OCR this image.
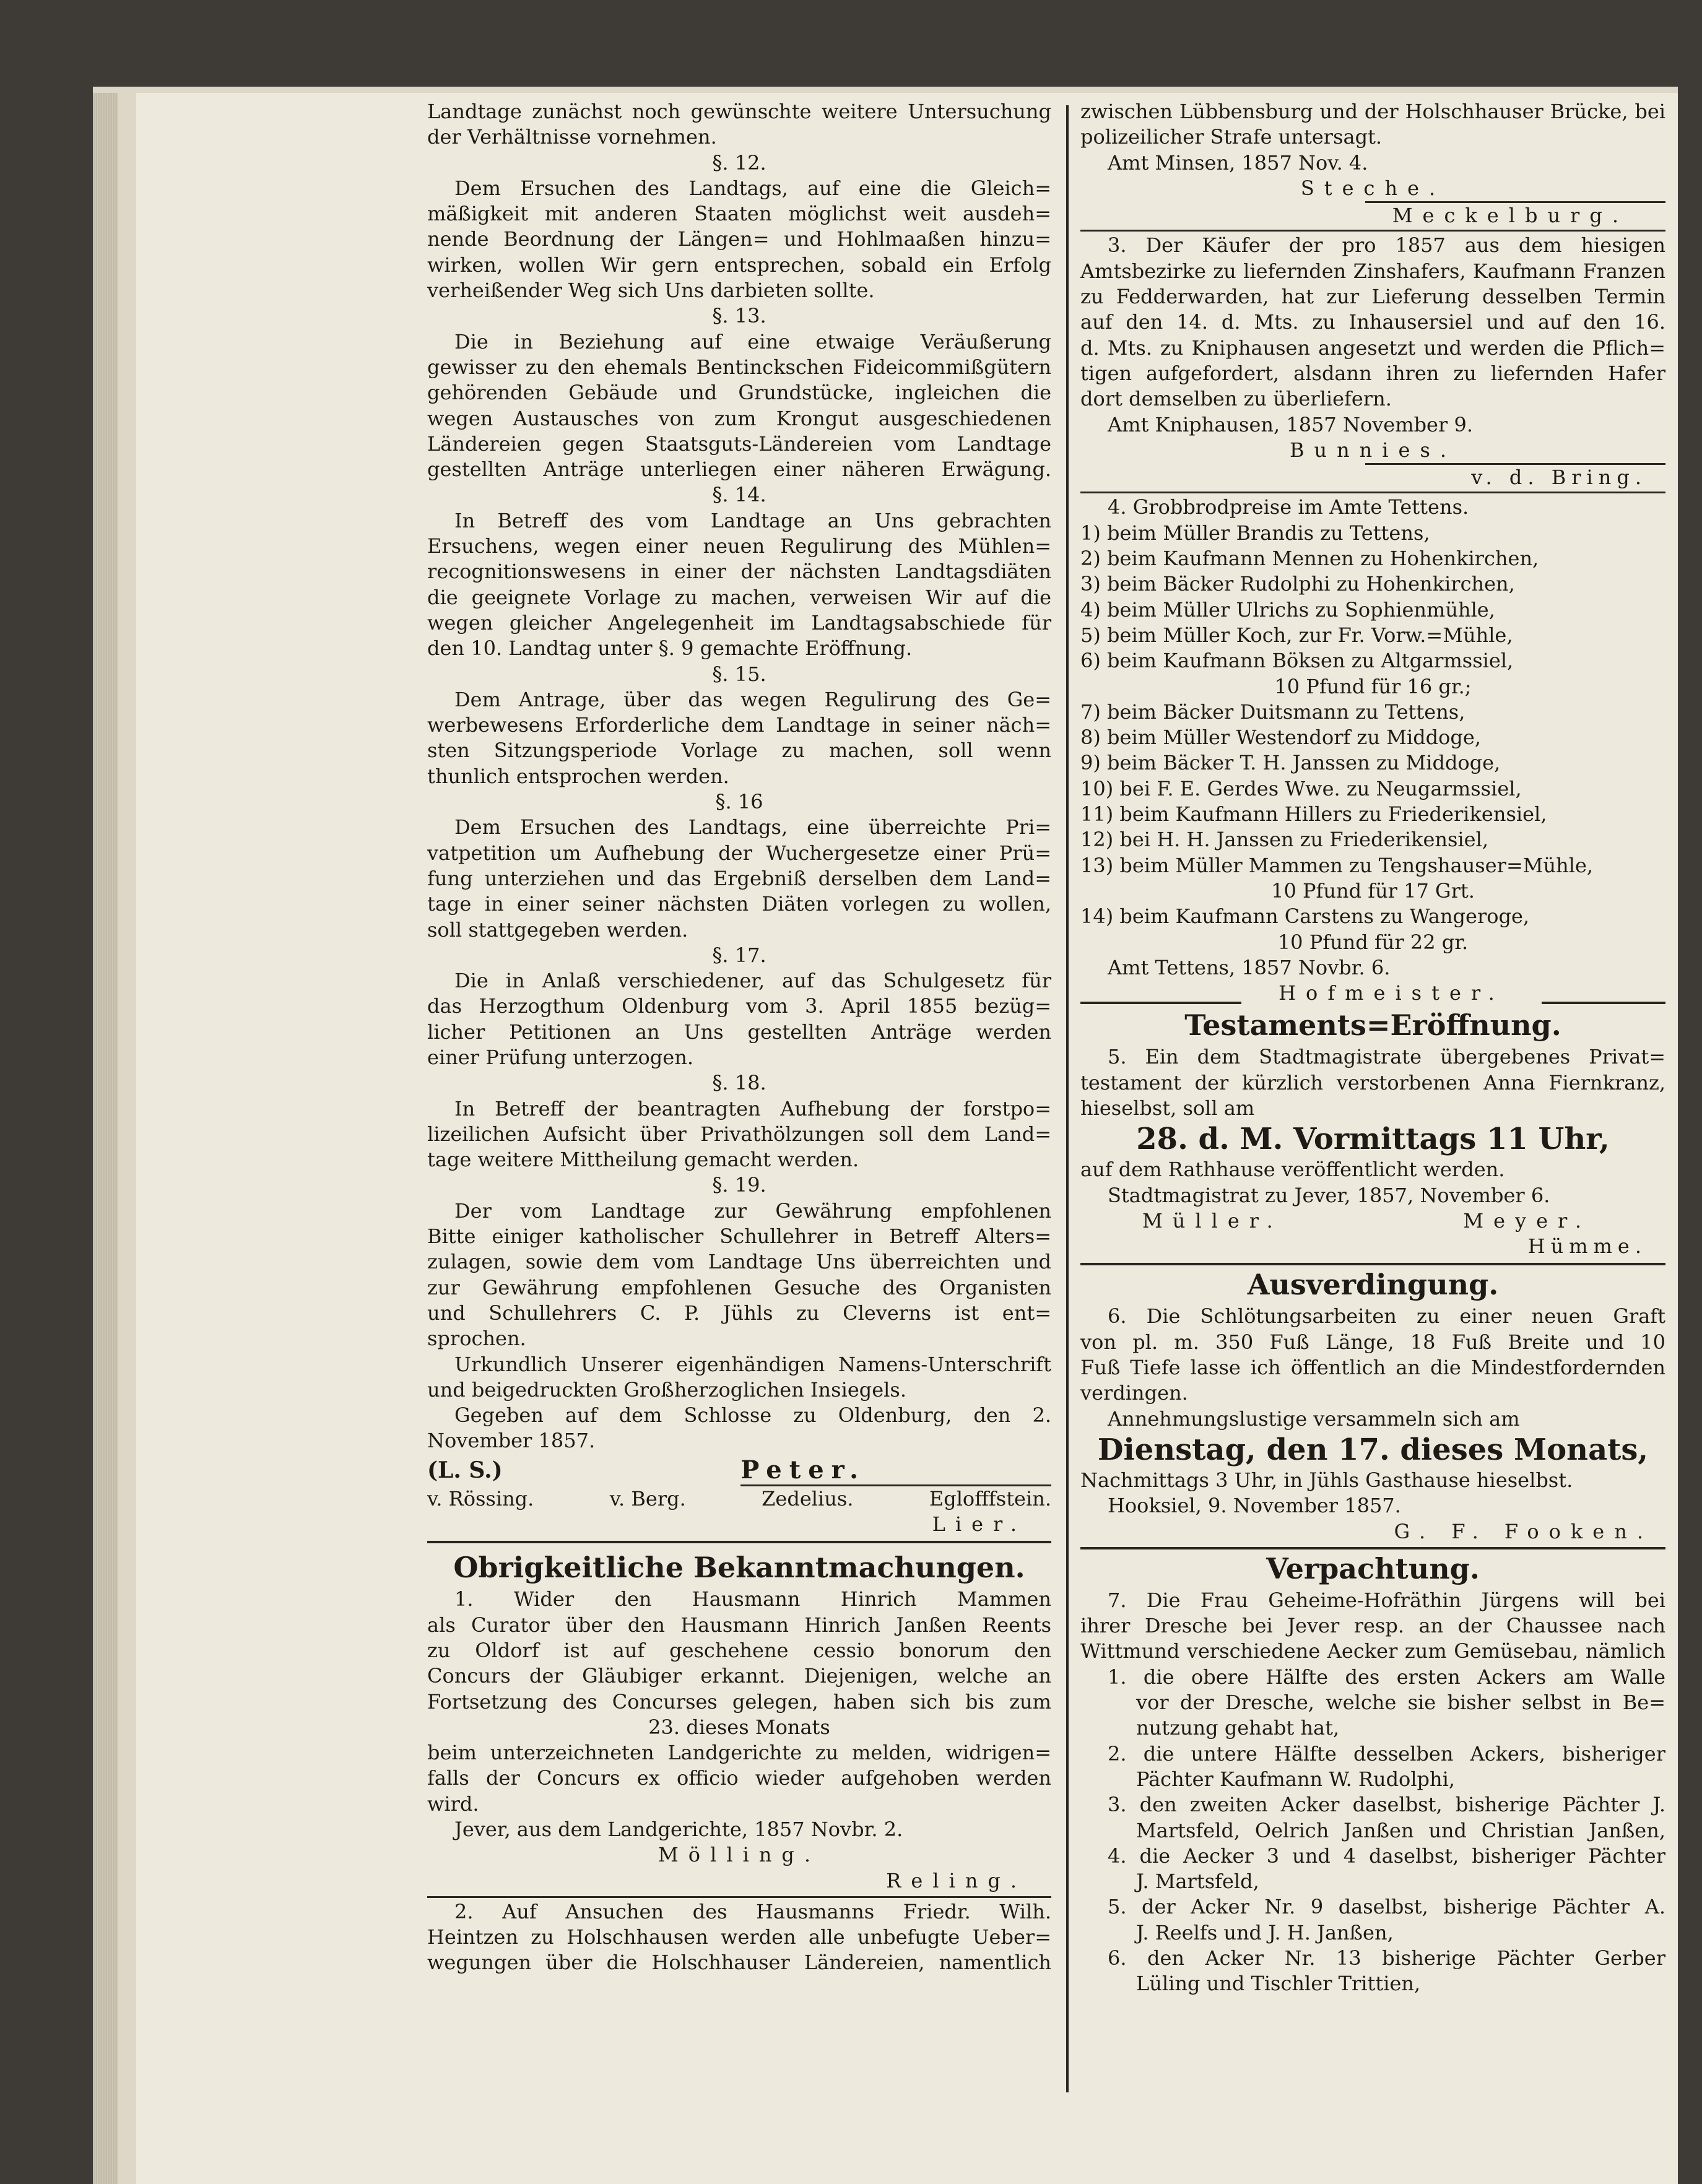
Landtage zunächst noch gewünschte weitere Untersuchung
der Verhältnisse vornehmen.
§. 12.
Dem Ersuchen des Landtags, auf eine die Gleich=
mäßigkeit mit anderen Staaten möglichst weit ausdeh=
nende Beordnung der Längen= und Hohlmaaßen hinzu=
wirken, wollen Wir gern entsprechen, sobald ein Erfolg
verheißender Weg sich Uns darbieten sollte.
§. 13.
Die in Beziehung auf eine etwaige Veräußerung
gewisser zu den ehemals Bentinckschen Fideicommißgütern
gehörenden Gebäude und Grundstücke, ingleichen die
wegen Austausches von zum Krongut ausgeschiedenen
Ländereien gegen Staatsguts-Ländereien vom Landtage
gestellten Anträge unterliegen einer näheren Erwägung.
§. 14.
In Betreff des vom Landtage an Uns gebrachten
Ersuchens, wegen einer neuen Regulirung des Mühlen=
recognitionswesens in einer der nächsten Landtagsdiäten
die geeignete Vorlage zu machen, verweisen Wir auf die
wegen gleicher Angelegenheit im Landtagsabschiede für
den 10. Landtag unter §. 9 gemachte Eröffnung.
§. 15.
Dem Antrage, über das wegen Regulirung des Ge=
werbewesens Erforderliche dem Landtage in seiner näch=
sten Sitzungsperiode Vorlage zu machen, soll wenn
thunlich entsprochen werden.
§. 16
Dem Ersuchen des Landtags, eine überreichte Pri=
vatpetition um Aufhebung der Wuchergesetze einer Prü=
fung unterziehen und das Ergebniß derselben dem Land=
tage in einer seiner nächsten Diäten vorlegen zu wollen,
soll stattgegeben werden.
§. 17.
Die in Anlaß verschiedener, auf das Schulgesetz für
das Herzogthum Oldenburg vom 3. April 1855 bezüg=
licher Petitionen an Uns gestellten Anträge werden
einer Prüfung unterzogen.
§. 18.
In Betreff der beantragten Aufhebung der forstpo=
lizeilichen Aufsicht über Privathölzungen soll dem Land=
tage weitere Mittheilung gemacht werden.
§. 19.
Der vom Landtage zur Gewährung empfohlenen
Bitte einiger katholischer Schullehrer in Betreff Alters=
zulagen, sowie dem vom Landtage Uns überreichten und
zur Gewährung empfohlenen Gesuche des Organisten
und Schullehrers C. P. Jühls zu Cleverns ist ent=
sprochen.
Urkundlich Unserer eigenhändigen Namens-Unterschrift
und beigedruckten Großherzoglichen Insiegels.
Gegeben auf dem Schlosse zu Oldenburg, den 2.
November 1857.
(L. S.)	Peter.
v. Rössing.	v. Berg.	Zedelius.	Eglofffstein.
Lier.
Obrigkeitliche Bekanntmachungen.
1. Wider den Hausmann Hinrich Mammen
als Curator über den Hausmann Hinrich Janßen Reents
zu Oldorf ist auf geschehene cessio bonorum den
Concurs der Gläubiger erkannt. Diejenigen, welche an
Fortsetzung des Concurses gelegen, haben sich bis zum
23. dieses Monats
beim unterzeichneten Landgerichte zu melden, widrigen=
falls der Concurs ex officio wieder aufgehoben werden
wird.
Jever, aus dem Landgerichte, 1857 Novbr. 2.
Mölling.
Reling.
2. Auf Ansuchen des Hausmanns Friedr. Wilh.
Heintzen zu Holschhausen werden alle unbefugte Ueber=
wegungen über die Holschhauser Ländereien, namentlich
zwischen Lübbensburg und der Holschhauser Brücke, bei
polizeilicher Strafe untersagt.
Amt Minsen, 1857 Nov. 4.
Steche.
Meckelburg.
3. Der Käufer der pro 1857 aus dem hiesigen
Amtsbezirke zu liefernden Zinshafers, Kaufmann Franzen
zu Fedderwarden, hat zur Lieferung desselben Termin
auf den 14. d. Mts. zu Inhausersiel und auf den 16.
d. Mts. zu Kniphausen angesetzt und werden die Pflich=
tigen aufgefordert, alsdann ihren zu liefernden Hafer
dort demselben zu überliefern.
Amt Kniphausen, 1857 November 9.
Bunnies.
v. d. Bring.
4. Grobbrodpreise im Amte Tettens.
1) beim Müller Brandis zu Tettens,
2) beim Kaufmann Mennen zu Hohenkirchen,
3) beim Bäcker Rudolphi zu Hohenkirchen,
4) beim Müller Ulrichs zu Sophienmühle,
5) beim Müller Koch, zur Fr. Vorw.=Mühle,
6) beim Kaufmann Böksen zu Altgarmssiel,
10 Pfund für 16 gr.;
7) beim Bäcker Duitsmann zu Tettens,
8) beim Müller Westendorf zu Middoge,
9) beim Bäcker T. H. Janssen zu Middoge,
10) bei F. E. Gerdes Wwe. zu Neugarmssiel,
11) beim Kaufmann Hillers zu Friederikensiel,
12) bei H. H. Janssen zu Friederikensiel,
13) beim Müller Mammen zu Tengshauser=Mühle,
10 Pfund für 17 Grt.
14) beim Kaufmann Carstens zu Wangeroge,
10 Pfund für 22 gr.
Amt Tettens, 1857 Novbr. 6.
Hofmeister.
Testaments=Eröffnung.
5. Ein dem Stadtmagistrate übergebenes Privat=
testament der kürzlich verstorbenen Anna Fiernkranz,
hieselbst, soll am
28. d. M. Vormittags 11 Uhr,
auf dem Rathhause veröffentlicht werden.
Stadtmagistrat zu Jever, 1857, November 6.
Müller.	Meyer.
Hümme.
Ausverdingung.
6. Die Schlötungsarbeiten zu einer neuen Graft
von pl. m. 350 Fuß Länge, 18 Fuß Breite und 10
Fuß Tiefe lasse ich öffentlich an die Mindestfordernden
verdingen.
Annehmungslustige versammeln sich am
Dienstag, den 17. dieses Monats,
Nachmittags 3 Uhr, in Jühls Gasthause hieselbst.
Hooksiel, 9. November 1857.
G. F. Fooken.
Verpachtung.
7. Die Frau Geheime-Hofräthin Jürgens will bei
ihrer Dresche bei Jever resp. an der Chaussee nach
Wittmund verschiedene Aecker zum Gemüsebau, nämlich
1. die obere Hälfte des ersten Ackers am Walle
vor der Dresche, welche sie bisher selbst in Be=
nutzung gehabt hat,
2. die untere Hälfte desselben Ackers, bisheriger
Pächter Kaufmann W. Rudolphi,
3. den zweiten Acker daselbst, bisherige Pächter J.
Martsfeld, Oelrich Janßen und Christian Janßen,
4. die Aecker 3 und 4 daselbst, bisheriger Pächter
J. Martsfeld,
5. der Acker Nr. 9 daselbst, bisherige Pächter A.
J. Reelfs und J. H. Janßen,
6. den Acker Nr. 13 bisherige Pächter Gerber
Lüling und Tischler Trittien,
